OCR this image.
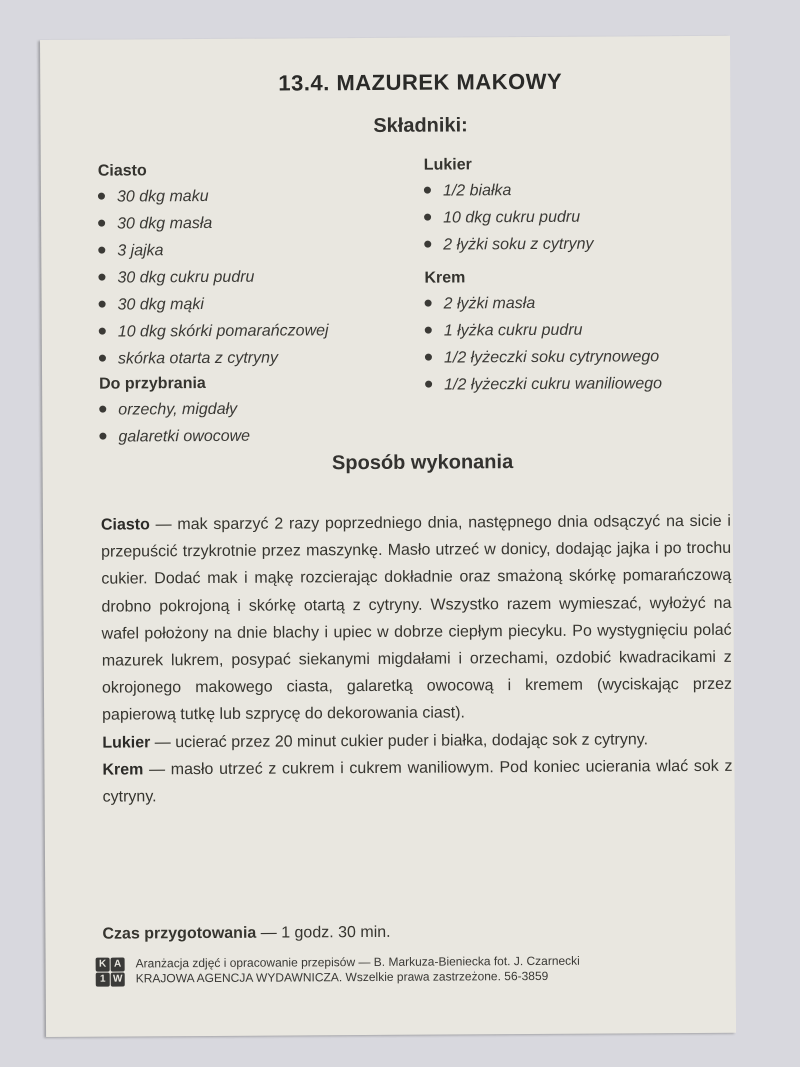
13.4. MAZUREK MAKOWY
Składniki:
Ciasto
30 dkg maku
30 dkg masła
3 jajka
30 dkg cukru pudru
30 dkg mąki
10 dkg skórki pomarańczowej
skórka otarta z cytryny
Do przybrania
orzechy, migdały
galaretki owocowe
Lukier
1/2 białka
10 dkg cukru pudru
2 łyżki soku z cytryny
Krem
2 łyżki masła
1 łyżka cukru pudru
1/2 łyżeczki soku cytrynowego
1/2 łyżeczki cukru waniliowego
Sposób wykonania

Ciasto — mak sparzyć 2 razy poprzedniego dnia, następnego dnia odsączyć na sicie i przepuścić trzykrotnie przez maszynkę. Masło utrzeć w donicy, dodając jajka i po trochu cukier. Dodać mak i mąkę rozcierając dokładnie oraz smażoną skórkę pomarańczową drobno pokrojoną i skórkę otartą z cytryny. Wszystko razem wymieszać, wyłożyć na wafel położony na dnie blachy i upiec w dobrze ciepłym piecyku. Po wystygnięciu polać mazurek lukrem, posypać siekanymi migdałami i orzechami, ozdobić kwadracikami z okrojonego makowego ciasta, galaretką owocową i kremem (wyciskając przez papierową tutkę lub szprycę do dekorowania ciast).

Lukier — ucierać przez 20 minut cukier puder i białka, dodając sok z cytryny.

Krem — masło utrzeć z cukrem i cukrem waniliowym. Pod koniec ucierania wlać sok z cytryny.

Czas przygotowania — 1 godz. 30 min.
K A
1 W
Aranżacja zdjęć i opracowanie przepisów — B. Markuza-Bieniecka fot. J. Czarnecki
KRAJOWA AGENCJA WYDAWNICZA. Wszelkie prawa zastrzeżone. 56-3859
